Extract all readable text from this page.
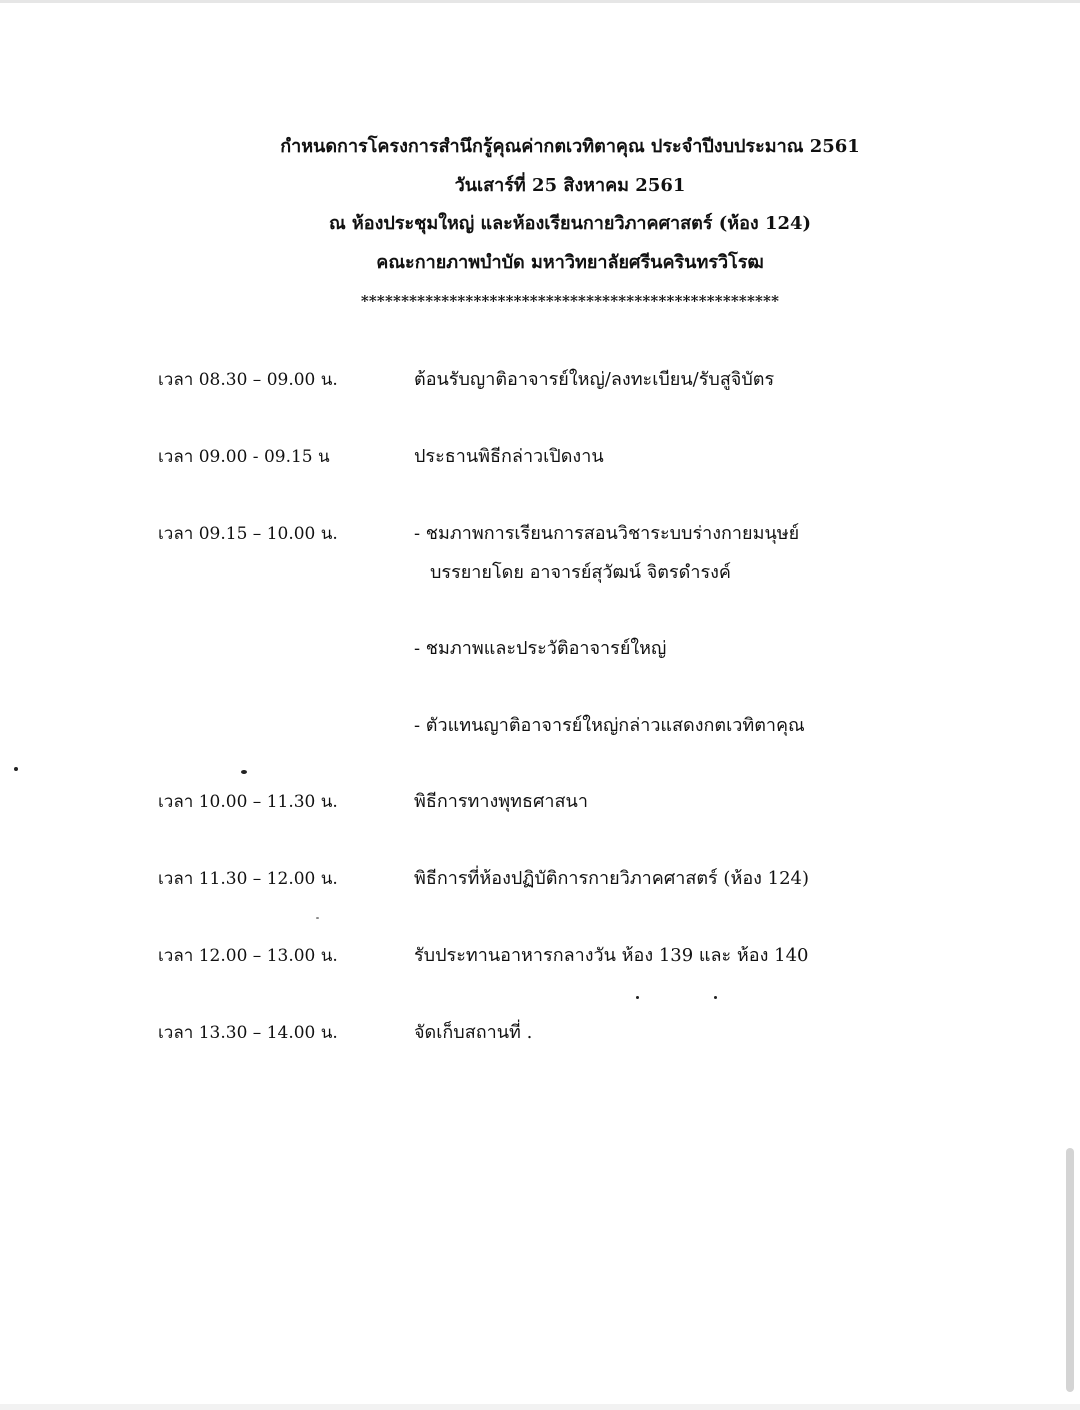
กำหนดการโครงการสำนึกรู้คุณค่ากตเวทิตาคุณ ประจำปีงบประมาณ 2561
วันเสาร์ที่ 25 สิงหาคม 2561
ณ ห้องประชุมใหญ่ และห้องเรียนกายวิภาคศาสตร์ (ห้อง 124)
คณะกายภาพบำบัด มหาวิทยาลัยศรีนครินทรวิโรฒ
****************************************************
เวลา 08.30 – 09.00 น.	ต้อนรับญาติอาจารย์ใหญ่/ลงทะเบียน/รับสูจิบัตร
เวลา 09.00 - 09.15 น	ประธานพิธีกล่าวเปิดงาน
เวลา 09.15 – 10.00 น.	- ชมภาพการเรียนการสอนวิชาระบบร่างกายมนุษย์
บรรยายโดย อาจารย์สุวัฒน์ จิตรดำรงค์
- ชมภาพและประวัติอาจารย์ใหญ่
- ตัวแทนญาติอาจารย์ใหญ่กล่าวแสดงกตเวทิตาคุณ
เวลา 10.00 – 11.30 น.	พิธีการทางพุทธศาสนา
เวลา 11.30 – 12.00 น.	พิธีการที่ห้องปฏิบัติการกายวิภาคศาสตร์ (ห้อง 124)
เวลา 12.00 – 13.00 น.	รับประทานอาหารกลางวัน ห้อง 139 และ ห้อง 140
เวลา 13.30 – 14.00 น.	จัดเก็บสถานที่ .
